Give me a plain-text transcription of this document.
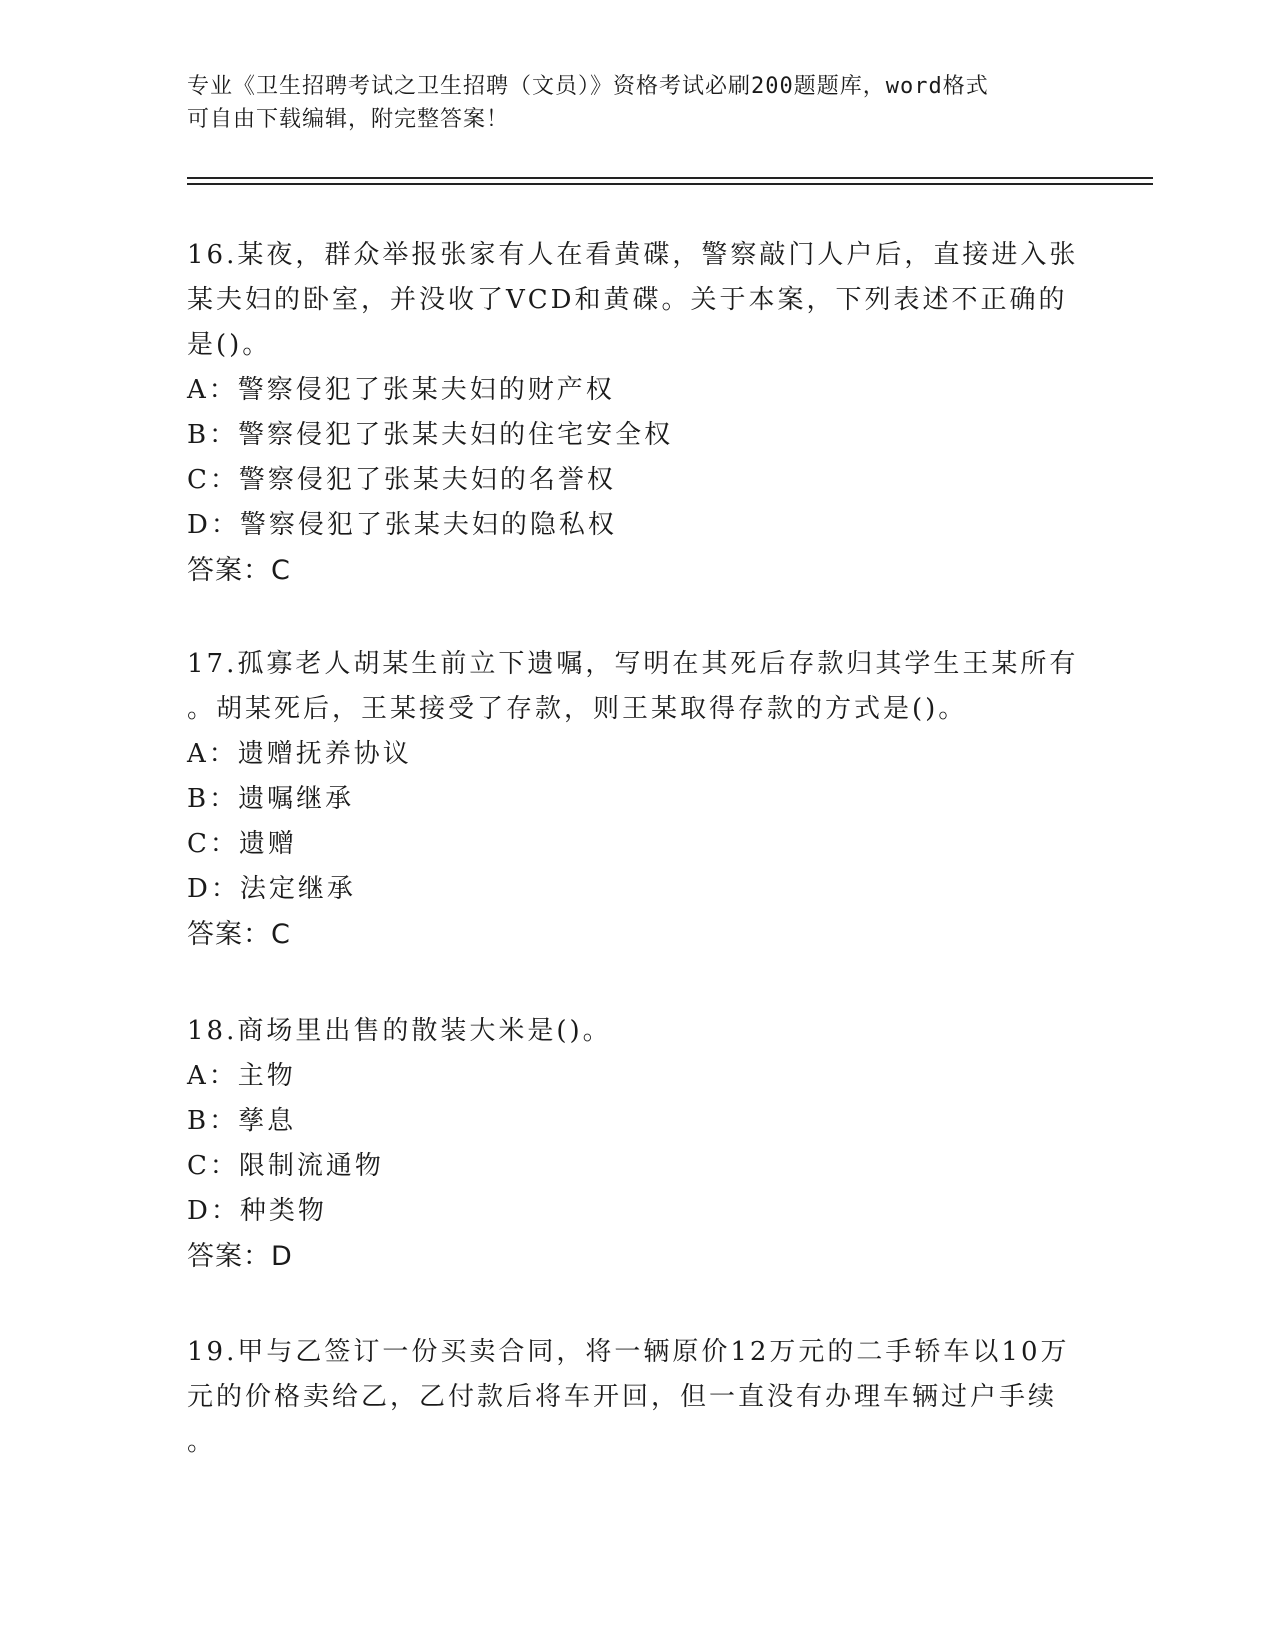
专业《卫生招聘考试之卫生招聘（文员）》资格考试必刷200题题库，word格式
可自由下载编辑，附完整答案！

16.某夜，群众举报张家有人在看黄碟，警察敲门人户后，直接进入张

某夫妇的卧室，并没收了VCD和黄碟。关于本案，下列表述不正确的

是()。

A：警察侵犯了张某夫妇的财产权

B：警察侵犯了张某夫妇的住宅安全权

C：警察侵犯了张某夫妇的名誉权

D：警察侵犯了张某夫妇的隐私权

答案：C

17.孤寡老人胡某生前立下遗嘱，写明在其死后存款归其学生王某所有

。胡某死后，王某接受了存款，则王某取得存款的方式是()。

A：遗赠抚养协议

B：遗嘱继承

C：遗赠

D：法定继承

答案：C

18.商场里出售的散装大米是()。

A：主物

B：孳息

C：限制流通物

D：种类物

答案：D

19.甲与乙签订一份买卖合同，将一辆原价12万元的二手轿车以10万

元的价格卖给乙，乙付款后将车开回，但一直没有办理车辆过户手续

。
